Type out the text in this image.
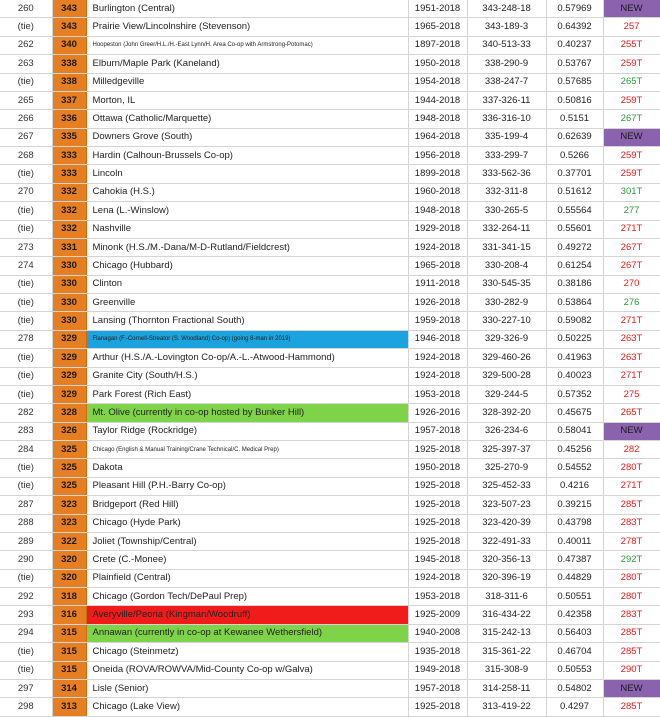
260	343	Burlington (Central)	1951-2018	343-248-18	0.57969	NEW
(tie)	343	Prairie View/Lincolnshire (Stevenson)	1965-2018	343-189-3	0.64392	257
262	340	Hoopeston (John Greer/H.L./H.-East Lynn/H. Area Co-op with Armstrong-Potomac)	1897-2018	340-513-33	0.40237	255T
263	338	Elburn/Maple Park (Kaneland)	1950-2018	338-290-9	0.53767	259T
(tie)	338	Milledgeville	1954-2018	338-247-7	0.57685	265T
265	337	Morton, IL	1944-2018	337-326-11	0.50816	259T
266	336	Ottawa (Catholic/Marquette)	1948-2018	336-316-10	0.5151	267T
267	335	Downers Grove (South)	1964-2018	335-199-4	0.62639	NEW
268	333	Hardin (Calhoun-Brussels Co-op)	1956-2018	333-299-7	0.5266	259T
(tie)	333	Lincoln	1899-2018	333-562-36	0.37701	259T
270	332	Cahokia (H.S.)	1960-2018	332-311-8	0.51612	301T
(tie)	332	Lena (L.-Winslow)	1948-2018	330-265-5	0.55564	277
(tie)	332	Nashville	1929-2018	332-264-11	0.55601	271T
273	331	Minonk (H.S./M.-Dana/M-D-Rutland/Fieldcrest)	1924-2018	331-341-15	0.49272	267T
274	330	Chicago (Hubbard)	1965-2018	330-208-4	0.61254	267T
(tie)	330	Clinton	1911-2018	330-545-35	0.38186	270
(tie)	330	Greenville	1926-2018	330-282-9	0.53864	276
(tie)	330	Lansing (Thornton Fractional South)	1959-2018	330-227-10	0.59082	271T
278	329	Flanagan (F.-Cornell-Streator (S. Woodland) Co-op) (going 8-man in 2019)	1946-2018	329-326-9	0.50225	263T
(tie)	329	Arthur (H.S./A.-Lovington Co-op/A.-L.-Atwood-Hammond)	1924-2018	329-460-26	0.41963	263T
(tie)	329	Granite City (South/H.S.)	1924-2018	329-500-28	0.40023	271T
(tie)	329	Park Forest (Rich East)	1953-2018	329-244-5	0.57352	275
282	328	Mt. Olive (currently in co-op hosted by Bunker Hill)	1926-2016	328-392-20	0.45675	265T
283	326	Taylor Ridge (Rockridge)	1957-2018	326-234-6	0.58041	NEW
284	325	Chicago (English & Manual Training/Crane Technical/C. Medical Prep)	1925-2018	325-397-37	0.45256	282
(tie)	325	Dakota	1950-2018	325-270-9	0.54552	280T
(tie)	325	Pleasant Hill (P.H.-Barry Co-op)	1925-2018	325-452-33	0.4216	271T
287	323	Bridgeport (Red Hill)	1925-2018	323-507-23	0.39215	285T
288	323	Chicago (Hyde Park)	1925-2018	323-420-39	0.43798	283T
289	322	Joliet (Township/Central)	1925-2018	322-491-33	0.40011	278T
290	320	Crete (C.-Monee)	1945-2018	320-356-13	0.47387	292T
(tie)	320	Plainfield (Central)	1924-2018	320-396-19	0.44829	280T
292	318	Chicago (Gordon Tech/DePaul Prep)	1953-2018	318-311-6	0.50551	280T
293	316	Averyville/Peoria (Kingman/Woodruff)	1925-2009	316-434-22	0.42358	283T
294	315	Annawan (currently in co-op at Kewanee Wethersfield)	1940-2008	315-242-13	0.56403	285T
(tie)	315	Chicago (Steinmetz)	1935-2018	315-361-22	0.46704	285T
(tie)	315	Oneida (ROVA/ROWVA/Mid-County Co-op w/Galva)	1949-2018	315-308-9	0.50553	290T
297	314	Lisle (Senior)	1957-2018	314-258-11	0.54802	NEW
298	313	Chicago (Lake View)	1925-2018	313-419-22	0.4297	285T
